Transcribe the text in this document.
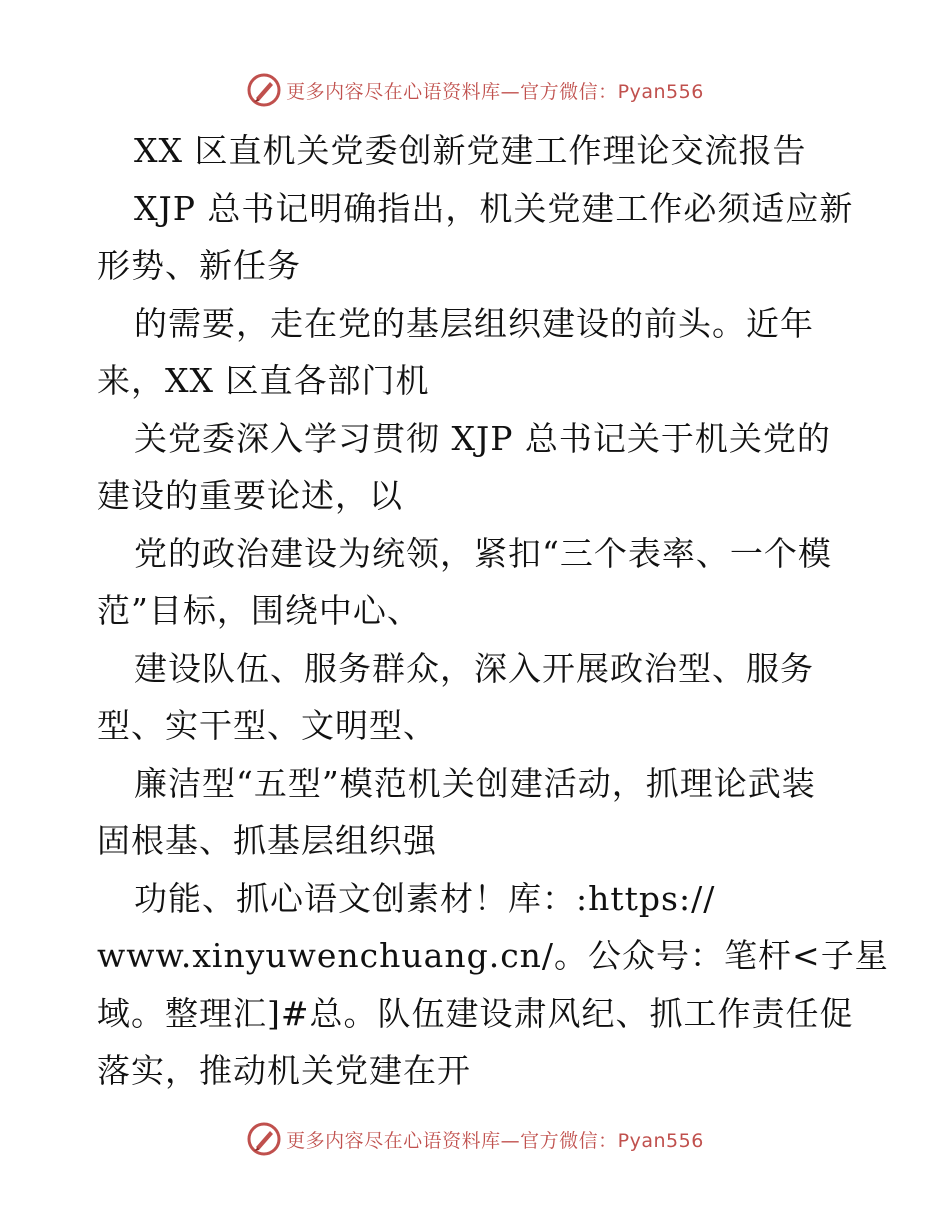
更多内容尽在心语资料库—官方微信：Pyan556
XX 区直机关党委创新党建工作理论交流报告
XJP 总书记明确指出，机关党建工作必须适应新
形势、新任务
的需要，走在党的基层组织建设的前头。近年
来，XX 区直各部门机
关党委深入学习贯彻 XJP 总书记关于机关党的
建设的重要论述，以
党的政治建设为统领，紧扣“三个表率、一个模
范”目标，围绕中心、
建设队伍、服务群众，深入开展政治型、服务
型、实干型、文明型、
廉洁型“五型”模范机关创建活动，抓理论武装
固根基、抓基层组织强
功能、抓心语文创素材！库：:https://
www.xinyuwenchuang.cn/。公众号：笔杆<子星
域。整理汇]#总。队伍建设肃风纪、抓工作责任促
落实，推动机关党建在开
更多内容尽在心语资料库—官方微信：Pyan556
